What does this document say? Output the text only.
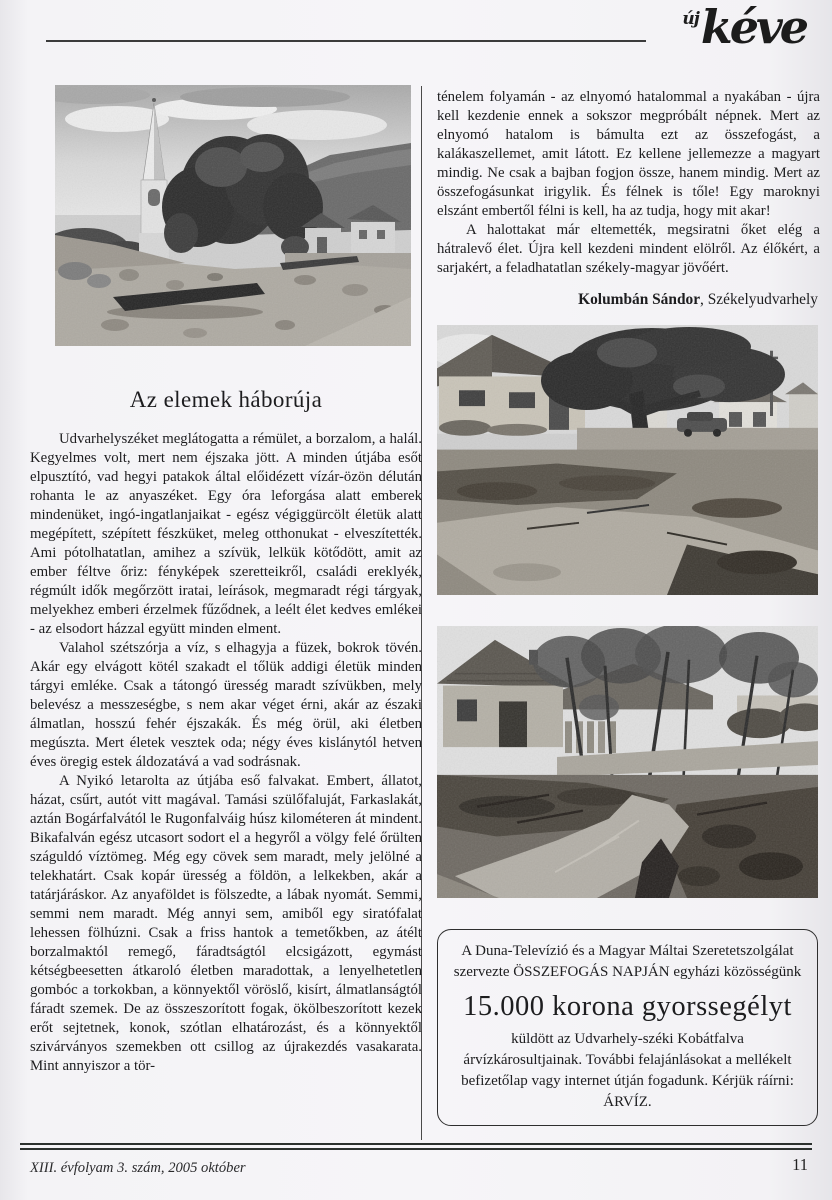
új kéve
Az elemek háborúja

Udvarhelyszéket meglátogatta a rémület, a borzalom, a halál. Kegyelmes volt, mert nem éjszaka jött. A minden útjába esőt elpusztító, vad hegyi patakok által előidézett vízár-özön délután rohanta le az anyaszéket. Egy óra leforgása alatt emberek mindenüket, ingó-ingatlanjaikat - egész végiggürcölt életük alatt megépített, szépített fészküket, meleg otthonukat - elveszítették. Ami pótolhatatlan, amihez a szívük, lelkük kötődött, amit az ember féltve őriz: fényképek szeretteikről, családi ereklyék, régmúlt idők megőrzött iratai, leírások, megmaradt régi tárgyak, melyekhez emberi érzelmek fűződnek, a leélt élet kedves emlékei - az elsodort házzal együtt minden elment.

Valahol szétszórja a víz, s elhagyja a füzek, bokrok tövén. Akár egy elvágott kötél szakadt el tőlük addigi életük minden tárgyi emléke. Csak a tátongó üresség maradt szívükben, mely belevész a messzeségbe, s nem akar véget érni, akár az északi álmatlan, hosszú fehér éjszakák. És még örül, aki életben megúszta. Mert életek vesztek oda; négy éves kislánytól hetven éves öregig estek áldozatává a vad sodrásnak.

A Nyikó letarolta az útjába eső falvakat. Embert, állatot, házat, csűrt, autót vitt magával. Tamási szülőfaluját, Farkaslakát, aztán Bogárfalvától le Rugonfalváig húsz kilométeren át mindent. Bikafalván egész utcasort sodort el a hegyről a völgy felé őrülten száguldó víztömeg. Még egy cövek sem maradt, mely jelölné a telekhatárt. Csak kopár üresség a földön, a lelkekben, akár a tatárjáráskor. Az anyaföldet is fölszedte, a lábak nyomát. Semmi, semmi nem maradt. Még annyi sem, amiből egy siratófalat lehessen fölhúzni. Csak a friss hantok a temetőkben, az átélt borzalmaktól remegő, fáradtságtól elcsigázott, egymást kétségbeesetten átkaroló életben maradottak, a lenyelhetetlen gombóc a torkokban, a könnyektől vöröslő, kisírt, álmatlanságtól fáradt szemek. De az összeszorított fogak, ökölbeszorított kezek erőt sejtetnek, konok, szótlan elhatározást, és a könnyektől szivárványos szemekben ott csillog az újrakezdés vasakarata. Mint annyiszor a tör-

ténelem folyamán - az elnyomó hatalommal a nyakában - újra kell kezdenie ennek a sokszor megpróbált népnek. Mert az elnyomó hatalom is bámulta ezt az összefogást, a kalákaszellemet, amit látott. Ez kellene jellemezze a magyart mindig. Ne csak a bajban fogjon össze, hanem mindig. Mert az összefogásunkat irigylik. És félnek is tőle! Egy maroknyi elszánt embertől félni is kell, ha az tudja, hogy mit akar!

A halottakat már eltemették, megsiratni őket elég a hátralevő élet. Újra kell kezdeni mindent elölről. Az élőkért, a sarjakért, a feladhatatlan székely-magyar jövőért.

Kolumbán Sándor, Székelyudvarhely

A Duna-Televízió és a Magyar Máltai Szeretetszolgálat szervezte ÖSSZEFOGÁS NAPJÁN egyházi közösségünk

15.000 korona gyorssegélyt

küldött az Udvarhely-széki Kobátfalva árvízkárosultjainak. További felajánlásokat a mellékelt befizetőlap vagy internet útján fogadunk. Kérjük ráírni: ÁRVÍZ.

XIII. évfolyam 3. szám, 2005 október	11
